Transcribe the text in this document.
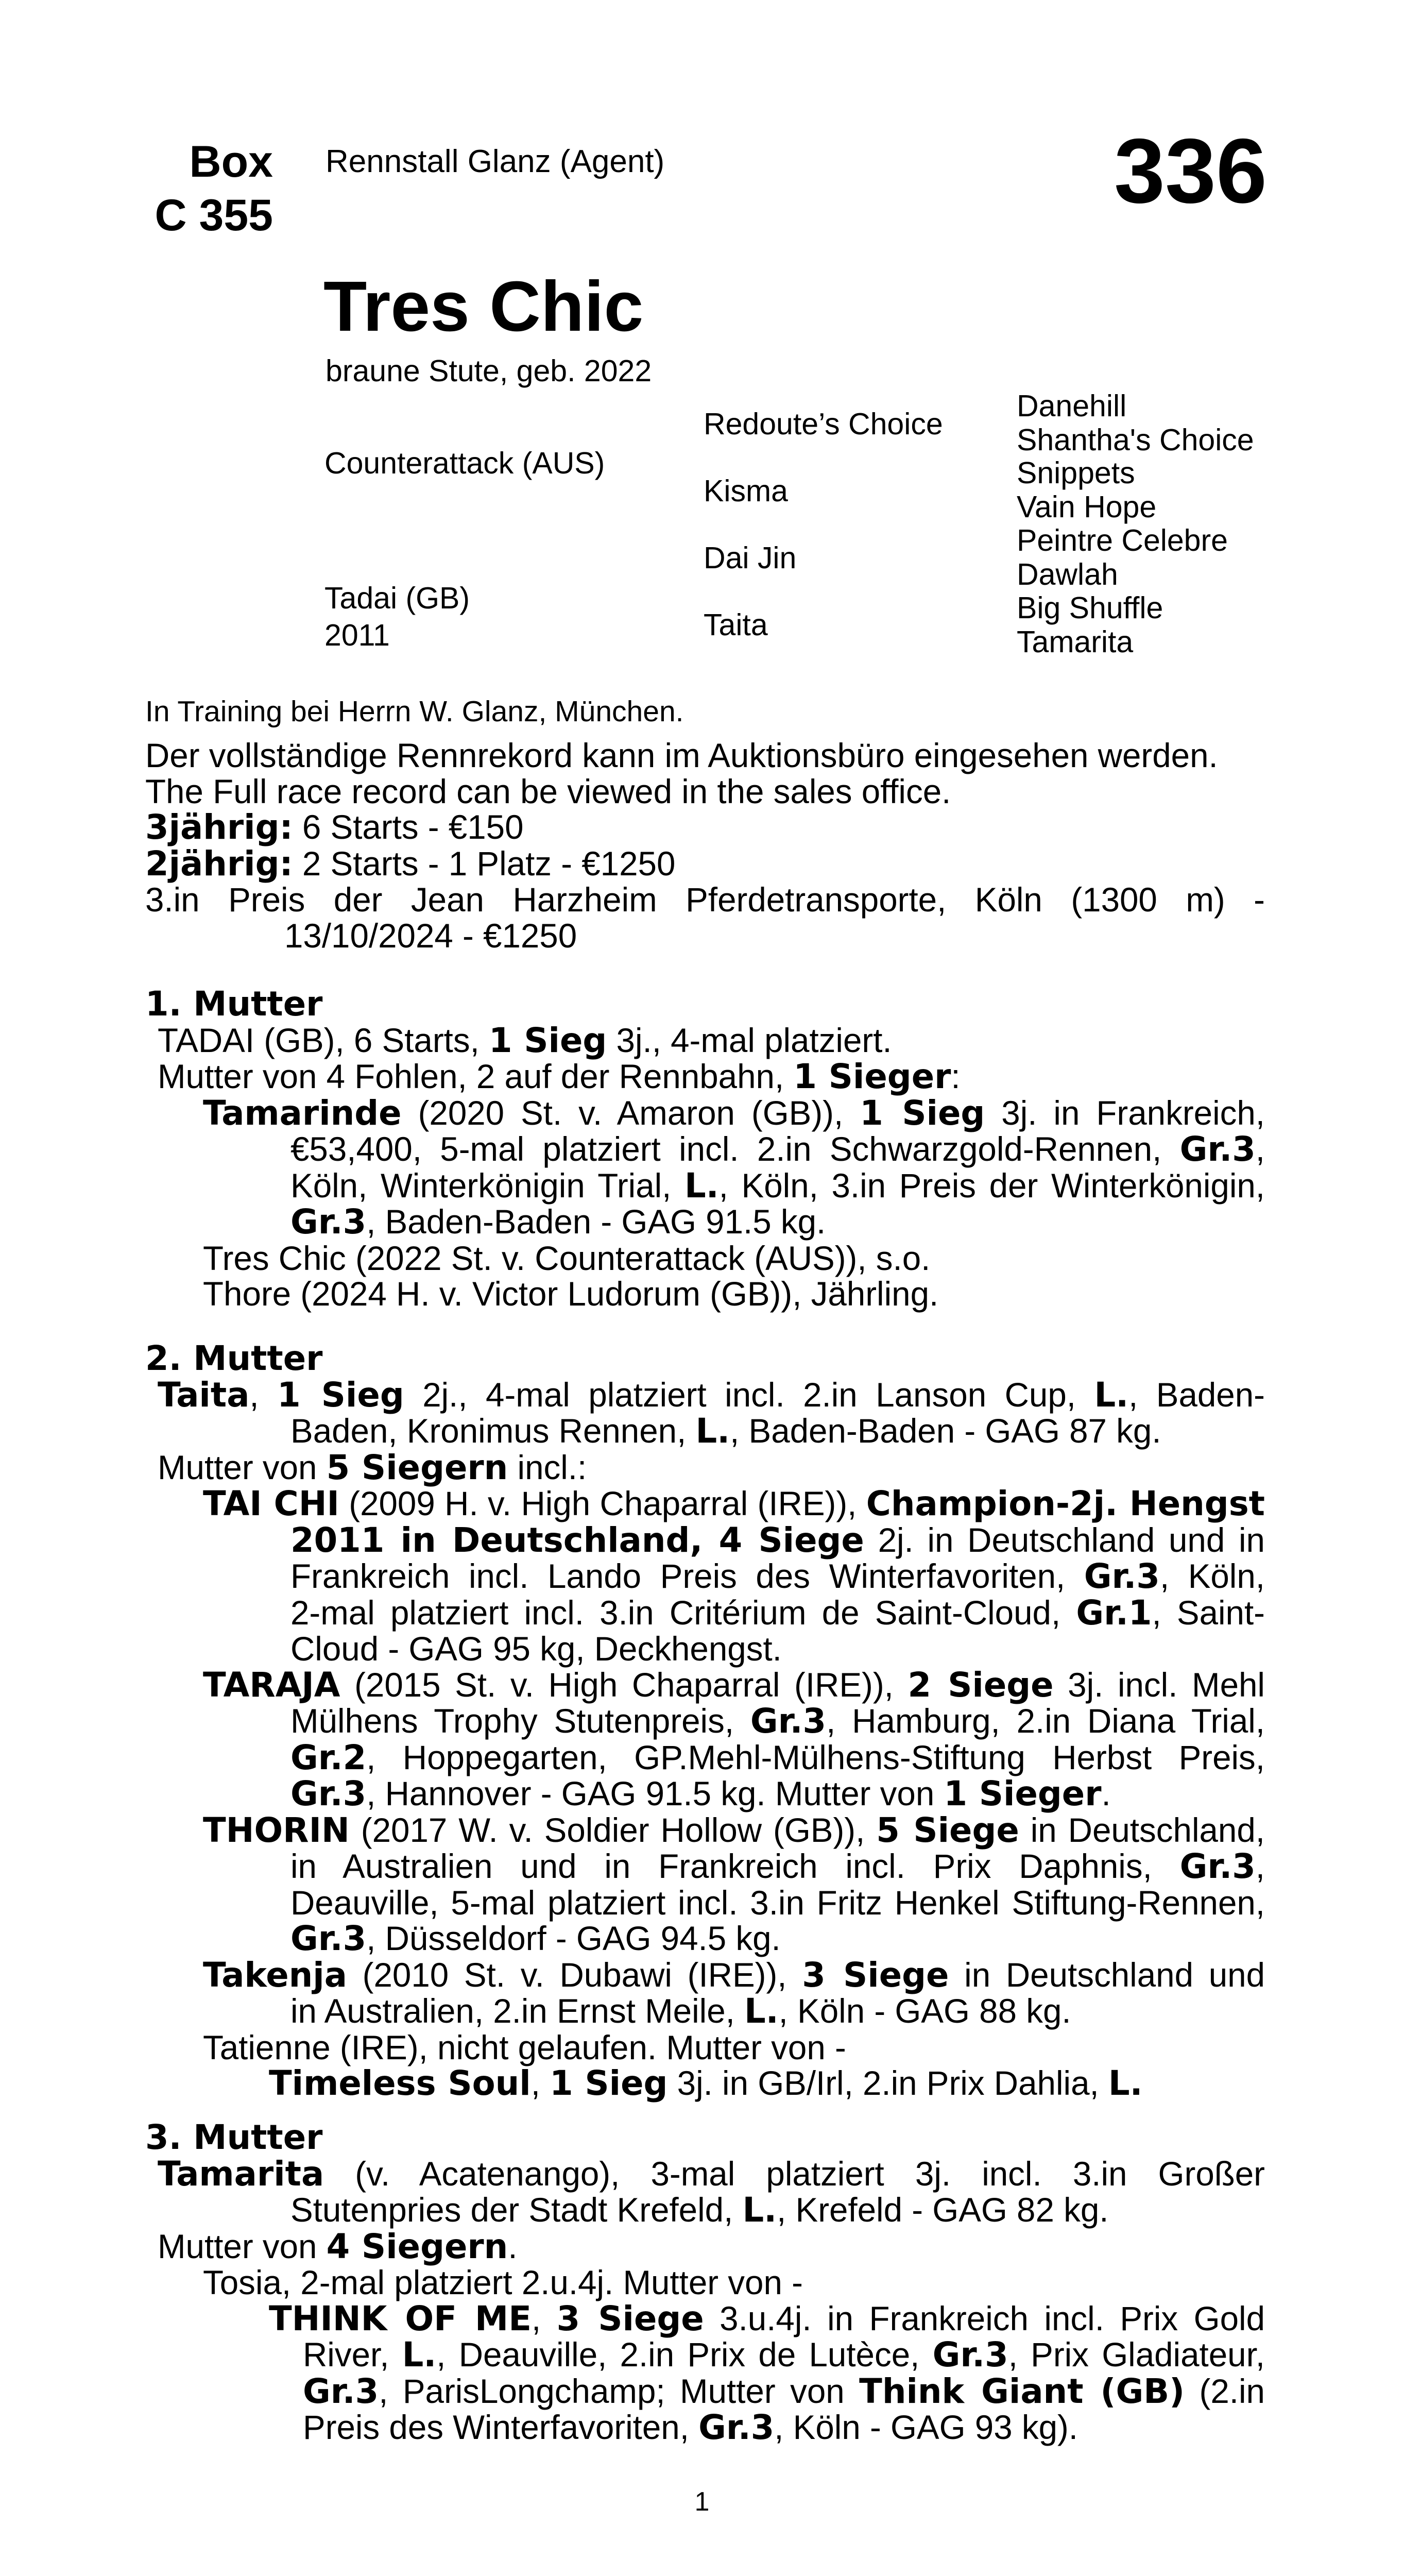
Box
C 355
Rennstall Glanz (Agent)	336
Tres Chic
braune Stute, geb. 2022
Counterattack (AUS)
Tadai (GB)
2011
Redoute’s Choice
Kisma
Dai Jin
Taita
Danehill
Shantha's Choice
Snippets
Vain Hope
Peintre Celebre
Dawlah
Big Shuffle
Tamarita
In Training bei Herrn W. Glanz, München.
Der vollständige Rennrekord kann im Auktionsbüro eingesehen werden.
The Full race record can be viewed in the sales office.
3jährig: 6 Starts - €150
2jährig: 2 Starts - 1 Platz - €1250
3.in Preis der Jean Harzheim Pferdetransporte, Köln (1300 m) -
13/10/2024 - €1250
1. Mutter
TADAI (GB), 6 Starts, 1 Sieg 3j., 4-mal platziert.
Mutter von 4 Fohlen, 2 auf der Rennbahn, 1 Sieger:
Tamarinde (2020 St. v. Amaron (GB)), 1 Sieg 3j. in Frankreich,
€53,400, 5-mal platziert incl. 2.in Schwarzgold-Rennen, Gr.3,
Köln, Winterkönigin Trial, L., Köln, 3.in Preis der Winterkönigin,
Gr.3, Baden-Baden - GAG 91.5 kg.
Tres Chic (2022 St. v. Counterattack (AUS)), s.o.
Thore (2024 H. v. Victor Ludorum (GB)), Jährling.
2. Mutter
Taita, 1 Sieg 2j., 4-mal platziert incl. 2.in Lanson Cup, L., Baden-
Baden, Kronimus Rennen, L., Baden-Baden - GAG 87 kg.
Mutter von 5 Siegern incl.:
TAI CHI (2009 H. v. High Chaparral (IRE)), Champion-2j. Hengst
2011 in Deutschland, 4 Siege 2j. in Deutschland und in
Frankreich incl. Lando Preis des Winterfavoriten, Gr.3, Köln,
2-mal platziert incl. 3.in Critérium de Saint-Cloud, Gr.1, Saint-
Cloud - GAG 95 kg, Deckhengst.
TARAJA (2015 St. v. High Chaparral (IRE)), 2 Siege 3j. incl. Mehl
Mülhens Trophy Stutenpreis, Gr.3, Hamburg, 2.in Diana Trial,
Gr.2, Hoppegarten, GP.Mehl-Mülhens-Stiftung Herbst Preis,
Gr.3, Hannover - GAG 91.5 kg. Mutter von 1 Sieger.
THORIN (2017 W. v. Soldier Hollow (GB)), 5 Siege in Deutschland,
in Australien und in Frankreich incl. Prix Daphnis, Gr.3,
Deauville, 5-mal platziert incl. 3.in Fritz Henkel Stiftung-Rennen,
Gr.3, Düsseldorf - GAG 94.5 kg.
Takenja (2010 St. v. Dubawi (IRE)), 3 Siege in Deutschland und
in Australien, 2.in Ernst Meile, L., Köln - GAG 88 kg.
Tatienne (IRE), nicht gelaufen. Mutter von -
Timeless Soul, 1 Sieg 3j. in GB/Irl, 2.in Prix Dahlia, L.
3. Mutter
Tamarita (v. Acatenango), 3-mal platziert 3j. incl. 3.in Großer
Stutenpries der Stadt Krefeld, L., Krefeld - GAG 82 kg.
Mutter von 4 Siegern.
Tosia, 2-mal platziert 2.u.4j. Mutter von -
THINK OF ME, 3 Siege 3.u.4j. in Frankreich incl. Prix Gold
River, L., Deauville, 2.in Prix de Lutèce, Gr.3, Prix Gladiateur,
Gr.3, ParisLongchamp; Mutter von Think Giant (GB) (2.in
Preis des Winterfavoriten, Gr.3, Köln - GAG 93 kg).
1
